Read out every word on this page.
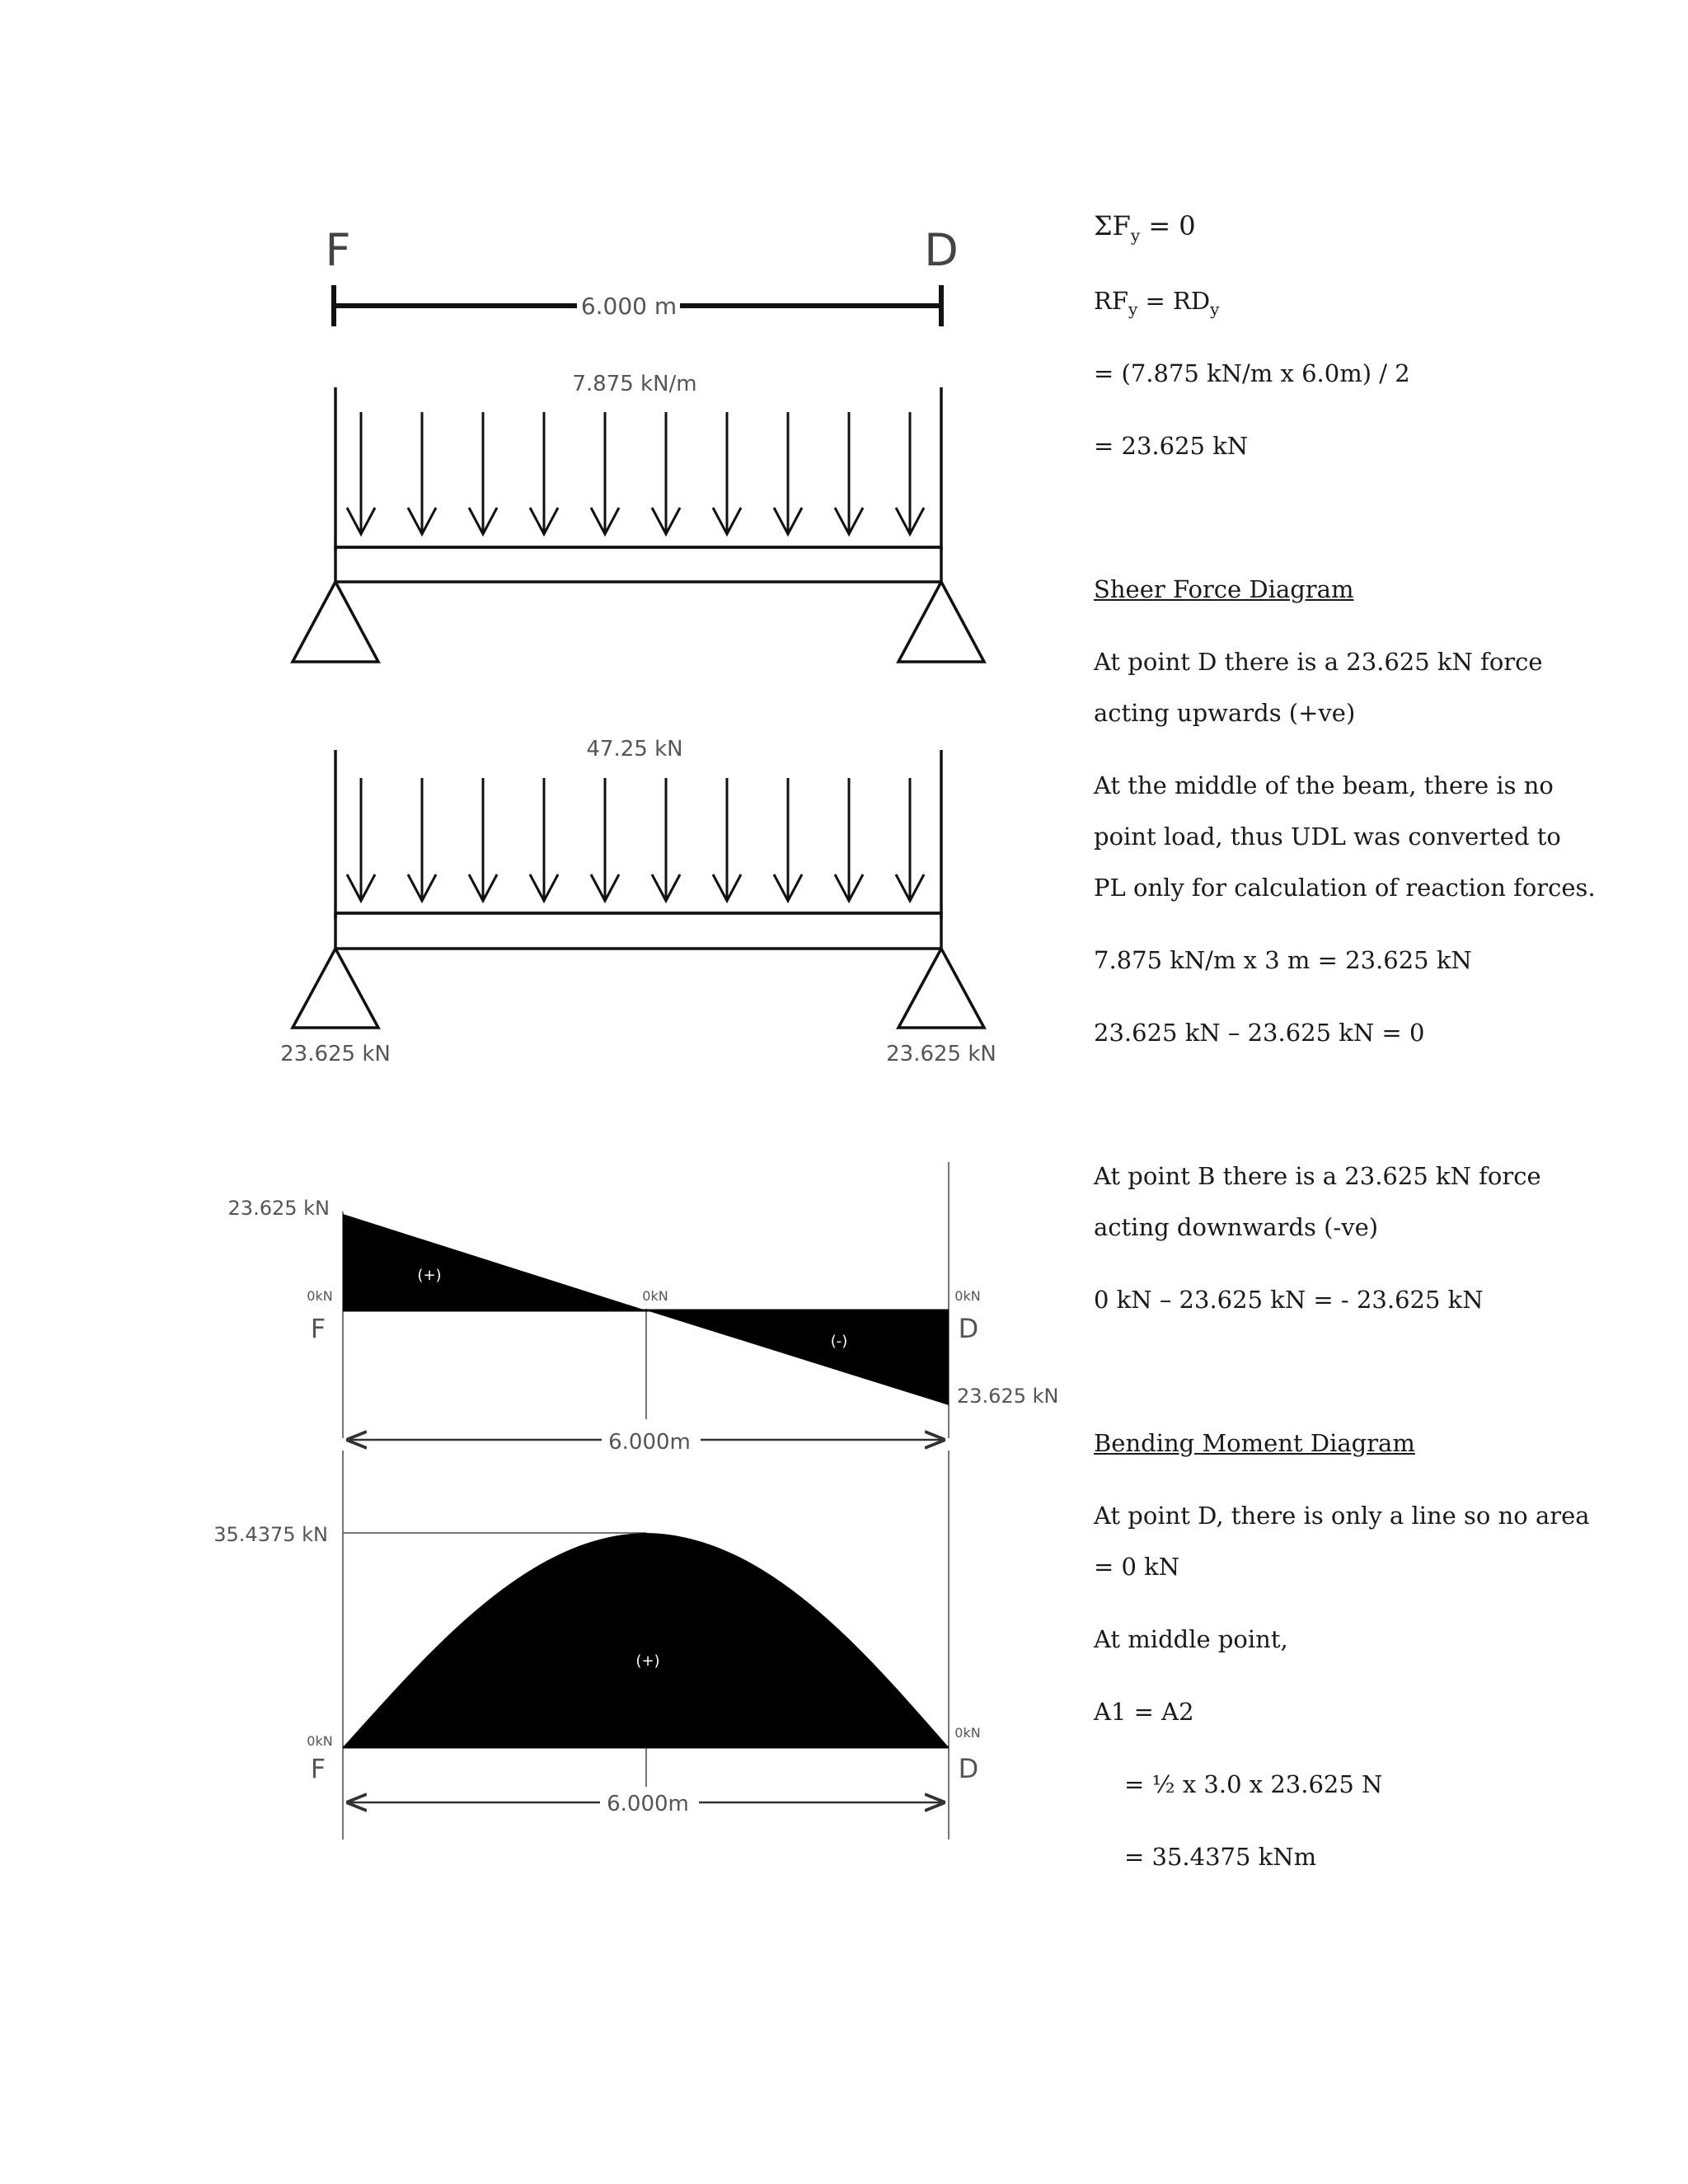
F	D
6.000 m
7.875 kN/m
47.25 kN
23.625 kN	23.625 kN
23.625 kN
0kN	0kN	0kN
F	D
(+)
(-)
23.625 kN
6.000m
35.4375 kN
0kN
0kN
F	D
(+)
6.000m
$\Sigma F_y = 0$
$RF_y = RD_y$
= (7.875 kN/m x 6.0m) / 2
= 23.625 kN
Sheer Force Diagram
At point D there is a 23.625 kN force
acting upwards (+ve)
At the middle of the beam, there is no
point load, thus UDL was converted to
PL only for calculation of reaction forces.
7.875 kN/m x 3 m = 23.625 kN
23.625 kN – 23.625 kN = 0
At point B there is a 23.625 kN force
acting downwards (-ve)
0 kN – 23.625 kN = - 23.625 kN
Bending Moment Diagram
At point D, there is only a line so no area
= 0 kN
At middle point,
A1 = A2
= ½ x 3.0 x 23.625 N
= 35.4375 kNm
